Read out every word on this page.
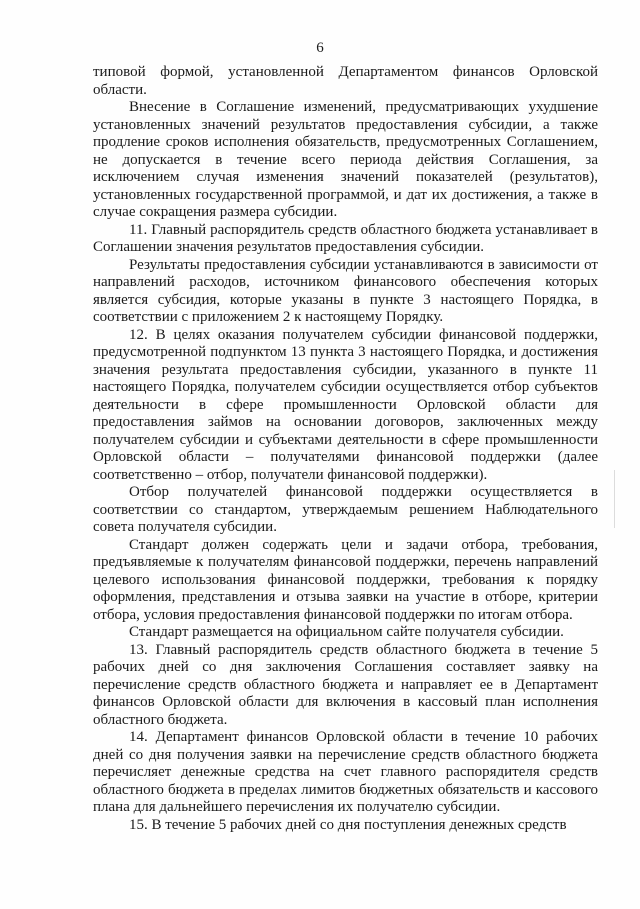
6

типовой формой, установленной Департаментом финансов Орловской области.

Внесение в Соглашение изменений, предусматривающих ухудшение установленных значений результатов предоставления субсидии, а также продление сроков исполнения обязательств, предусмотренных Соглашением, не допускается в течение всего периода действия Соглашения, за исключением случая изменения значений показателей (результатов), установленных государственной программой, и дат их достижения, а также в случае сокращения размера субсидии.

11. Главный распорядитель средств областного бюджета устанавливает в Соглашении значения результатов предоставления субсидии.

Результаты предоставления субсидии устанавливаются в зависимости от направлений расходов, источником финансового обеспечения которых является субсидия, которые указаны в пункте 3 настоящего Порядка, в соответствии с приложением 2 к настоящему Порядку.

12. В целях оказания получателем субсидии финансовой поддержки, предусмотренной подпунктом 13 пункта 3 настоящего Порядка, и достижения значения результата предоставления субсидии, указанного в пункте 11 настоящего Порядка, получателем субсидии осуществляется отбор субъектов деятельности в сфере промышленности Орловской области для предоставления займов на основании договоров, заключенных между получателем субсидии и субъектами деятельности в сфере промышленности Орловской области – получателями финансовой поддержки (далее соответственно – отбор, получатели финансовой поддержки).

Отбор получателей финансовой поддержки осуществляется в соответствии со стандартом, утверждаемым решением Наблюдательного совета получателя субсидии.

Стандарт должен содержать цели и задачи отбора, требования, предъявляемые к получателям финансовой поддержки, перечень направлений целевого использования финансовой поддержки, требования к порядку оформления, представления и отзыва заявки на участие в отборе, критерии отбора, условия предоставления финансовой поддержки по итогам отбора.

Стандарт размещается на официальном сайте получателя субсидии.

13. Главный распорядитель средств областного бюджета в течение 5 рабочих дней со дня заключения Соглашения составляет заявку на перечисление средств областного бюджета и направляет ее в Департамент финансов Орловской области для включения в кассовый план исполнения областного бюджета.

14. Департамент финансов Орловской области в течение 10 рабочих дней со дня получения заявки на перечисление средств областного бюджета перечисляет денежные средства на счет главного распорядителя средств областного бюджета в пределах лимитов бюджетных обязательств и кассового плана для дальнейшего перечисления их получателю субсидии.

15. В течение 5 рабочих дней со дня поступления денежных средств
